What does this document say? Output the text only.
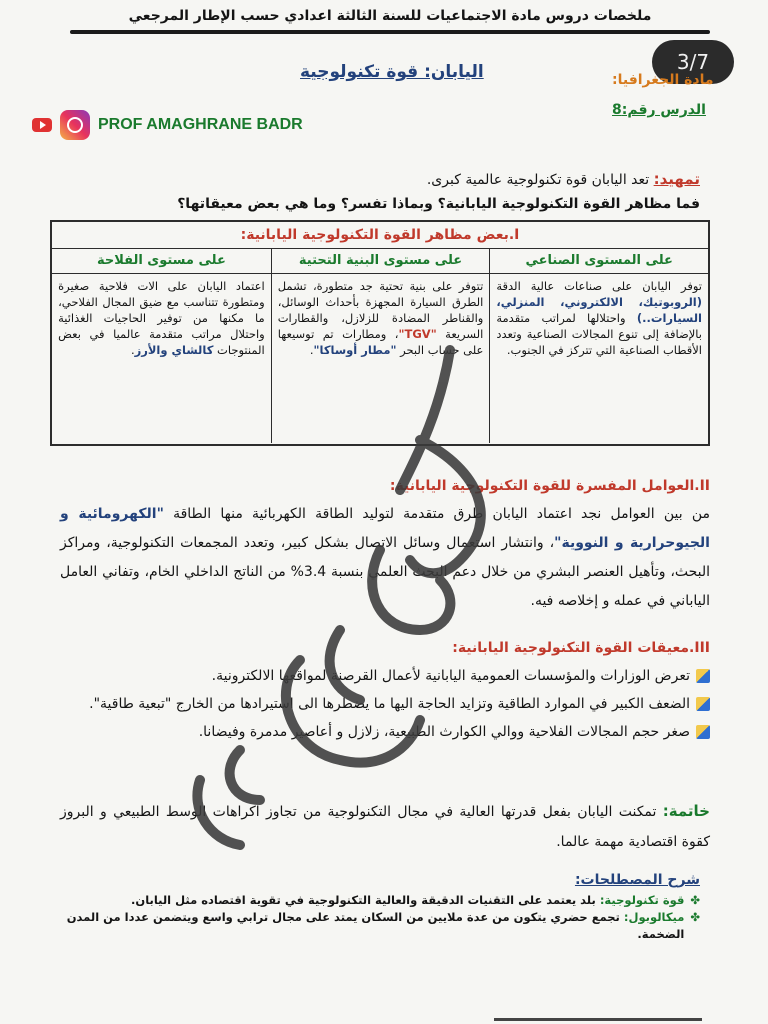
ملخصات دروس مادة الاجتماعيات للسنة الثالثة اعدادي حسب الإطار المرجعي
3/7
مادة الجغرافيا:
الدرس رقم:8
اليابان: قوة تكنولوجية
PROF AMAGHRANE BADR
تمهيد: تعد اليابان قوة تكنولوجية عالمية كبرى.
فما مظاهر القوة التكنولوجية اليابانية؟ وبماذا تفسر؟ وما هي بعض معيقاتها؟
I.بعض مظاهر القوة التكنولوجية اليابانية:
على المستوى الصناعي
توفر اليابان على صناعات عالية الدقة (الروبوتيك، الالكتروني، المنزلي، السيارات..) واحتلالها لمراتب متقدمة بالإضافة إلى تنوع المجالات الصناعية وتعدد الأقطاب الصناعية التي تتركز في الجنوب.
على مستوى البنية التحتية
تتوفر على بنية تحتية جد متطورة، تشمل الطرق السيارة المجهزة بأحداث الوسائل، والقناطر المضادة للزلازل، والقطارات السريعة "TGV"، ومطارات تم توسيعها على حساب البحر "مطار أوساكا".
على مستوى الفلاحة
اعتماد اليابان على الات فلاحية صغيرة ومتطورة تتناسب مع ضيق المجال الفلاحي، ما مكنها من توفير الحاجيات الغذائية واحتلال مراتب متقدمة عالميا في بعض المنتوجات كالشاي والأرز.
II.العوامل المفسرة للقوة التكنولوجية اليابانية:
من بين العوامل نجد اعتماد اليابان طرق متقدمة لتوليد الطاقة الكهربائية منها الطاقة "الكهرومائية و الجيوحرارية و النووية"، وانتشار استعمال وسائل الاتصال بشكل كبير، وتعدد المجمعات التكنولوجية، ومراكز البحث، وتأهيل العنصر البشري من خلال دعم البحث العلمي بنسبة 3.4% من الناتج الداخلي الخام، وتفاني العامل الياباني في عمله و إخلاصه فيه.
III.معيقات القوة التكنولوجية اليابانية:
تعرض الوزارات والمؤسسات العمومية اليابانية لأعمال القرصنة لمواقعها الالكترونية.
الضعف الكبير في الموارد الطاقية وتزايد الحاجة اليها ما يضطرها الى استيرادها من الخارج "تبعية طاقية".
صغر حجم المجالات الفلاحية ووالي الكوارث الطبيعية، زلازل و أعاصير مدمرة وفيضانا.
خاتمة: تمكنت اليابان بفعل قدرتها العالية في مجال التكنولوجية من تجاوز اكراهات الوسط الطبيعي و البروز كقوة اقتصادية مهمة عالما.
شرح المصطلحات:
✤
قوة تكنولوجية: بلد يعتمد على التقنيات الدقيقة والعالية التكنولوجية في تقوية اقتصاده مثل اليابان.
✤
ميكالوبول: تجمع حضري يتكون من عدة ملايين من السكان يمتد على مجال ترابي واسع ويتضمن عددا من المدن الضخمة.
